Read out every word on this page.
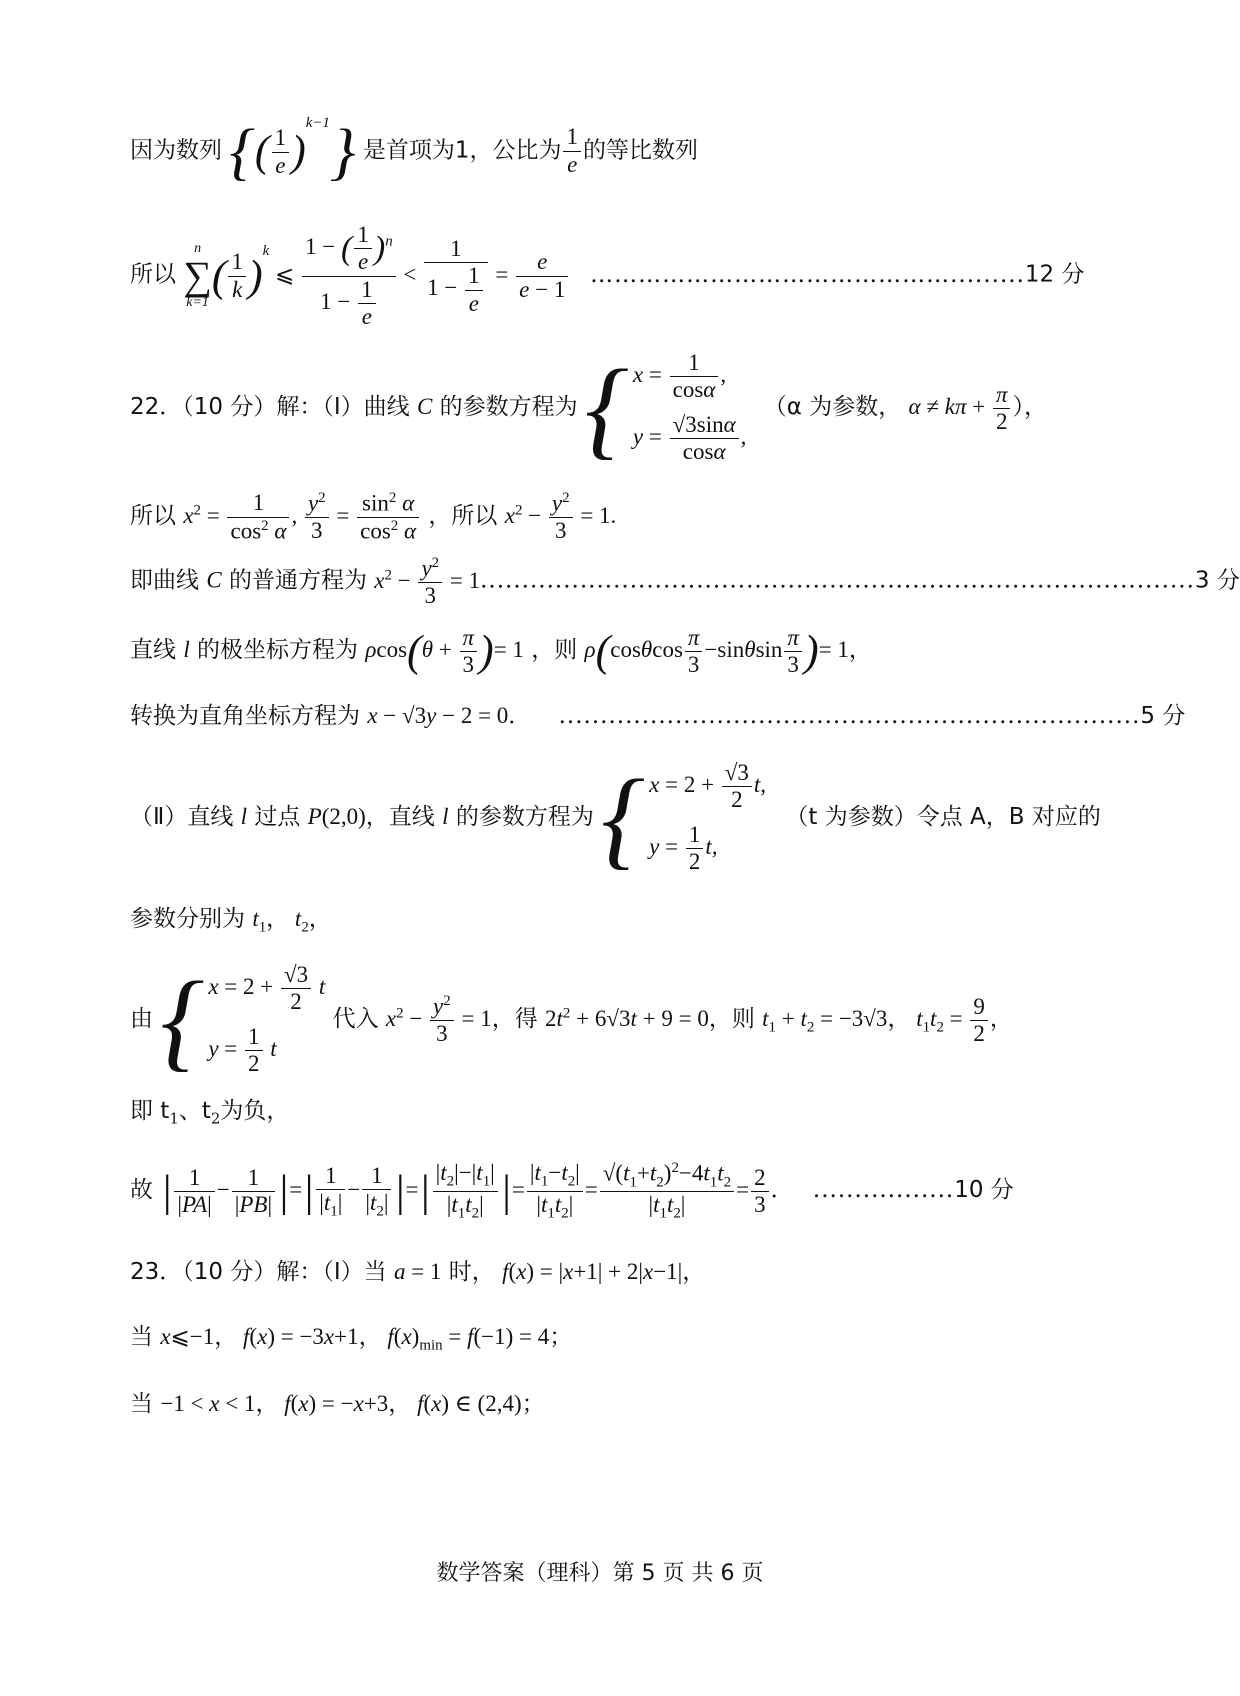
因为数列 {( $\frac{1}{e} )^{k-1}$} 是首项为1，公比为 $\frac{1}{e}$ 的等比数列
所以
n
∑
k=1
( $\frac{1}{k} )^k$ ⩽ $\frac{1 - ( \frac{1}{e} )^n}{1 - \frac{1}{e}} < \frac{1}{1 - \frac{1}{e}} = \frac{e}{e - 1}$ ……………………………………….........12 分
22．（10 分）解：（Ⅰ）曲线 C 的参数方程为 { $x = \frac{1}{\cos\alpha}$ ,
$y = \frac{√3\sin\alpha}{\cos\alpha}$ ,
（α 为参数， $\alpha \ne k\pi + \frac{\pi}{2}$ ），
所以 $x^2 = \frac{1}{\cos^2 \alpha}$ , $\frac{y^2}{3} = \frac{\sin^2 \alpha}{\cos^2 \alpha}$ ，所以 $x^2 - \frac{y^2}{3} = 1$.
即曲线 C 的普通方程为 $x^2 - \frac{y^2}{3} = 1......................................................................................3$ 分
直线 l 的极坐标方程为 $\rho\cos(\theta + \frac{\pi}{3}$ )= 1 ，则 $\rho(\cos\theta\cos \frac{\pi}{3} -\sin\theta\sin \frac{\pi}{3}$ )= 1，
转换为直角坐标方程为 x − √3y − 2 = 0． ......................................................................5 分
（Ⅱ）直线 l 过点 P(2,0)，直线 l 的参数方程为 { $x = 2 + \frac{√3}{2} t$,
$y = \frac{1}{2} t$,
（t 为参数）令点 A，B 对应的
参数分别为 $t_1$， $t_2$，
由 { $x = 2 + \frac{√3}{2}$ t
$y = \frac{1}{2}$ t
代入 $x^2 - \frac{y^2}{3} = 1$，得 $2t^2 + 6√3t + 9 = 0$，则 $t_1 + t_2 = -3√3$， $t_1t_2 = \frac{9}{2}$ ，
即 $t_1$、$t_2$为负，
故 | $\frac{1}{|PA|} - \frac{1}{|PB|}$ |=| $\frac{1}{|t_1|} - \frac{1}{|t_2|}$ |=| $\frac{|t_2|-|t_1|}{|t_1t_2|}$ |= $\frac{|t_1-t_2|}{|t_1t_2|} = \frac{√(t_1+t_2)^2-4t_1t_2}{|t_1t_2|} = \frac{2}{3}$ ． .................10 分
23．（10 分）解：（Ⅰ）当 a = 1 时， f(x) = |x+1| + 2|x−1|，
当 x⩽−1， f(x) = −3x+1， $f(x)_{min} = f(-1) = 4$；
当 −1 < x < 1， f(x) = −x+3， f(x) ∈ (2,4)；
数学答案（理科）第 5 页 共 6 页
